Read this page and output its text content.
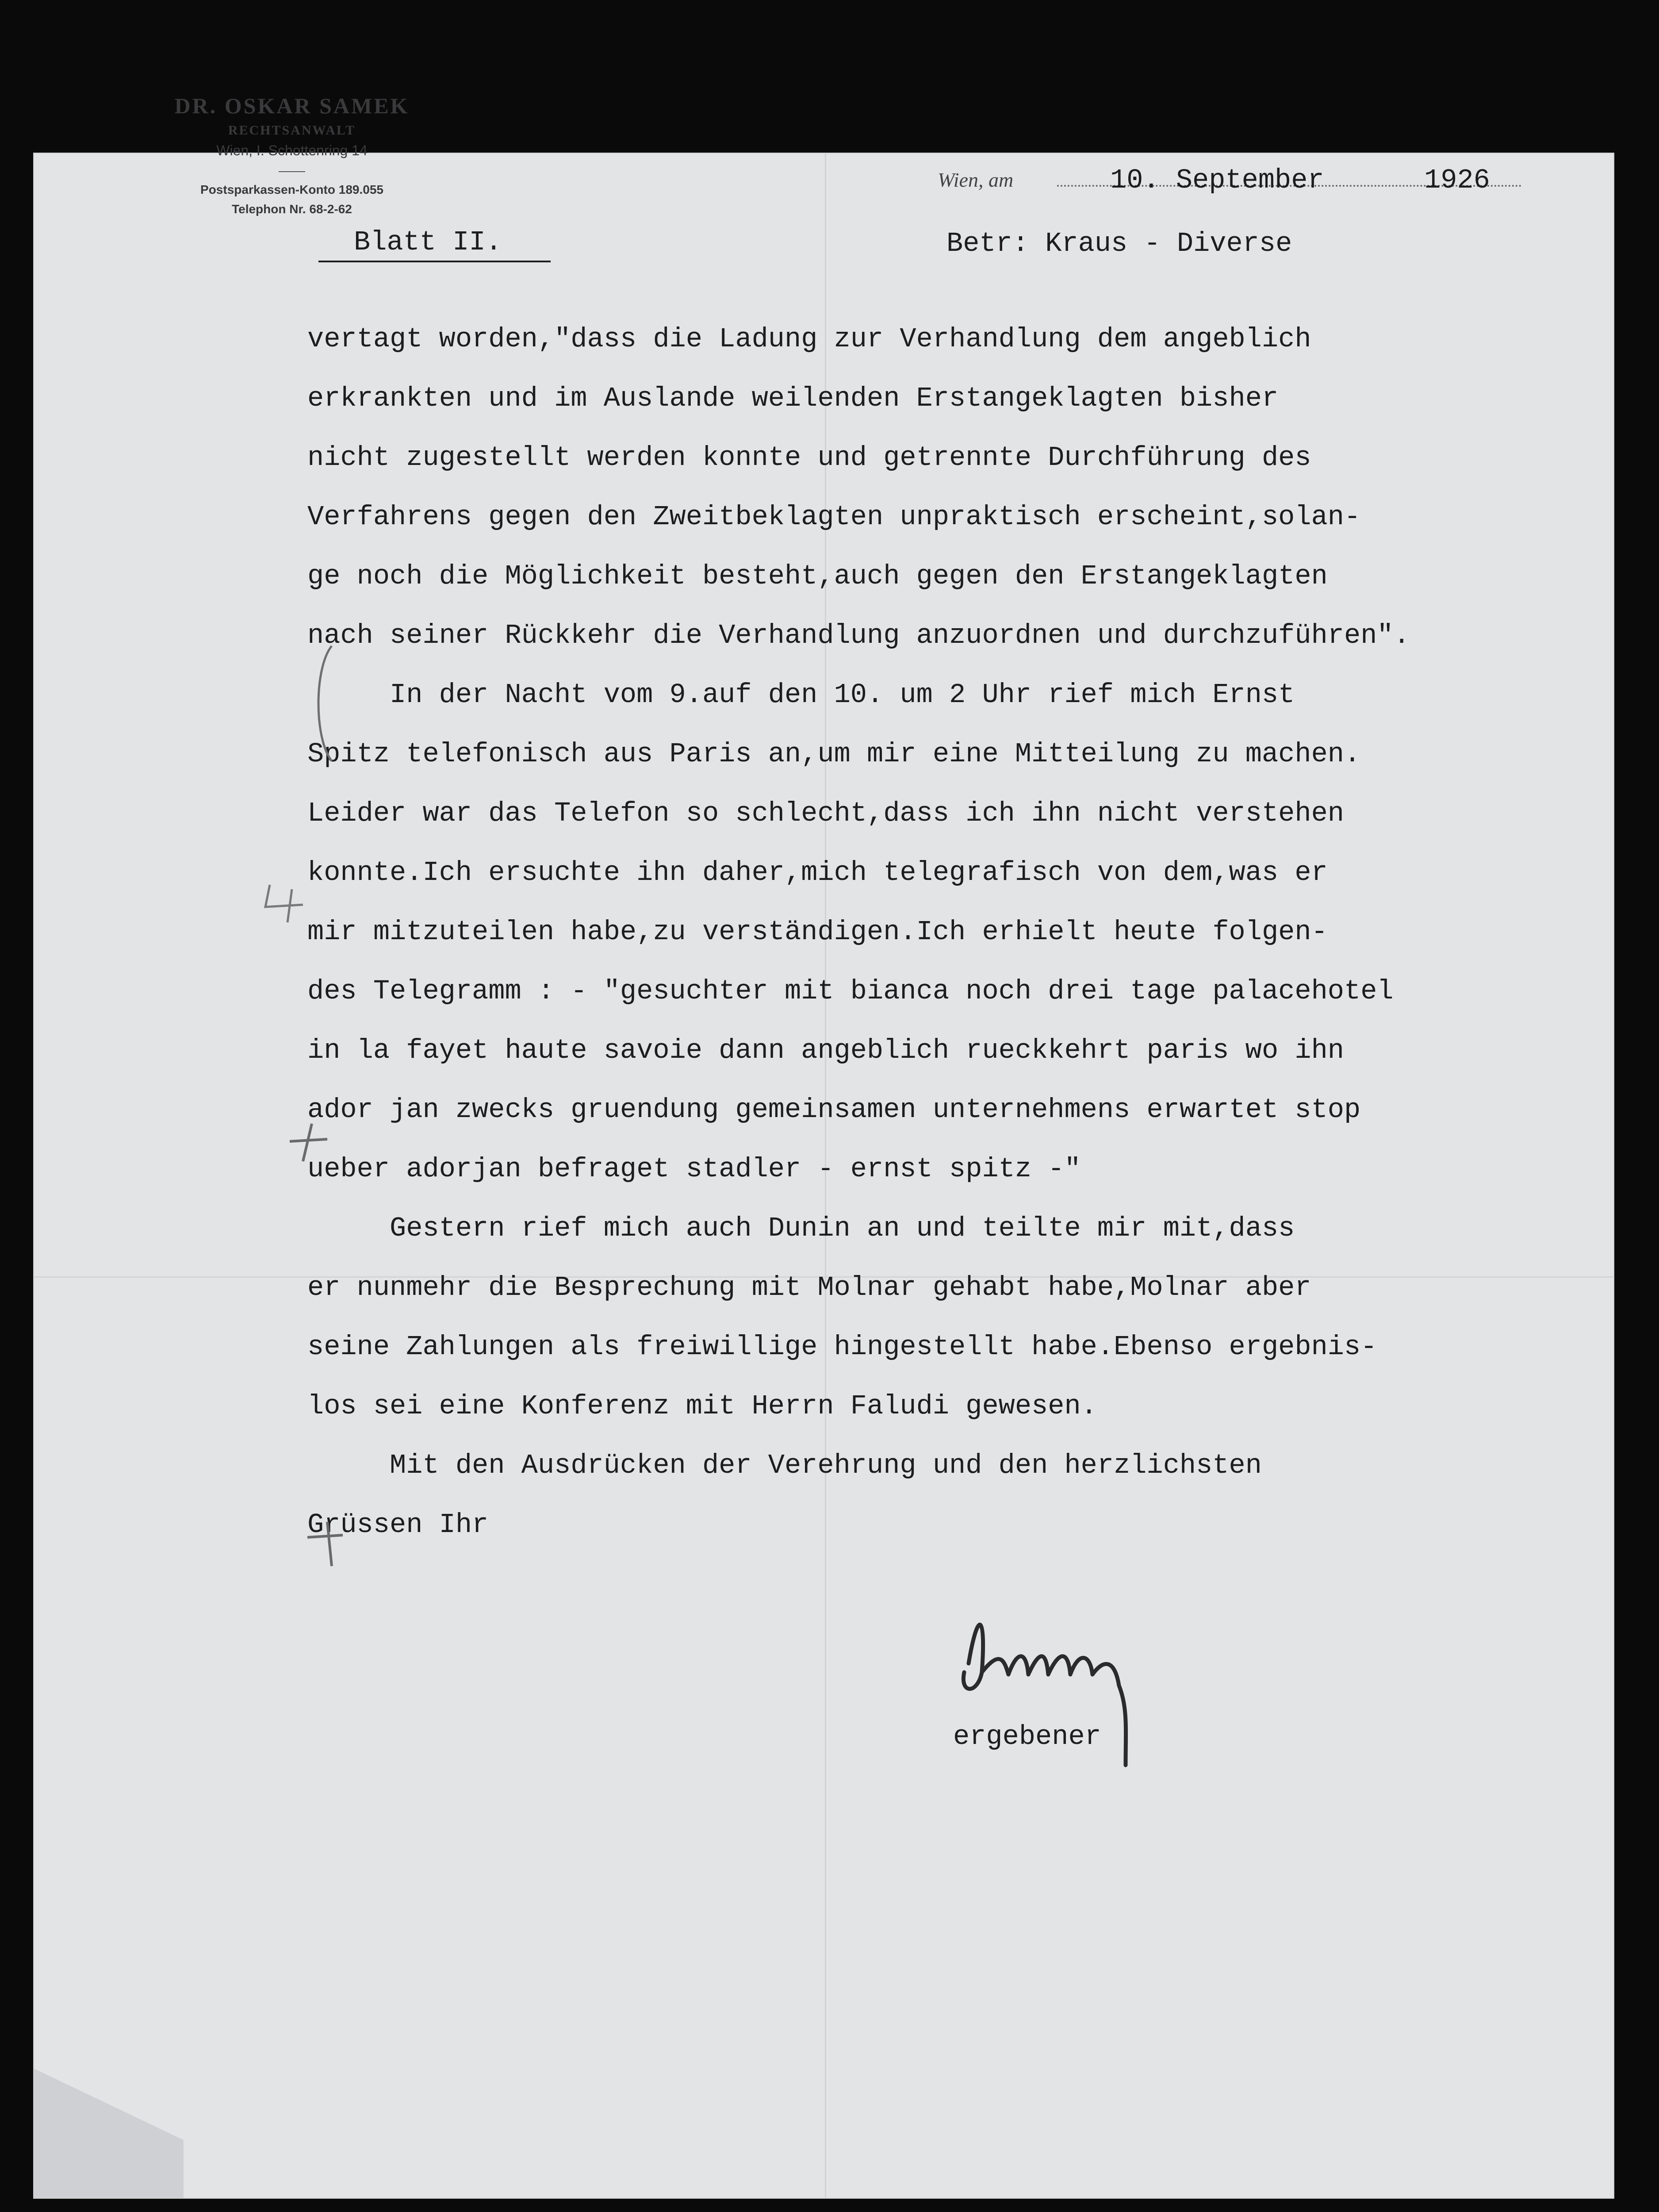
DR. OSKAR SAMEK
RECHTSANWALT
Wien, I. Schottenring 14
Postsparkassen-Konto 189.055
Telephon Nr. 68-2-62
Wien, am	10. September	1926
Blatt II.	Betr: Kraus - Diverse
vertagt worden,"dass die Ladung zur Verhandlung dem angeblich
erkrankten und im Auslande weilenden Erstangeklagten bisher
nicht zugestellt werden konnte und getrennte Durchführung des
Verfahrens gegen den Zweitbeklagten unpraktisch erscheint,solan-
ge noch die Möglichkeit besteht,auch gegen den Erstangeklagten
nach seiner Rückkehr die Verhandlung anzuordnen und durchzuführen".
In der Nacht vom 9.auf den 10. um 2 Uhr rief mich Ernst
Spitz telefonisch aus Paris an,um mir eine Mitteilung zu machen.
Leider war das Telefon so schlecht,dass ich ihn nicht verstehen
konnte.Ich ersuchte ihn daher,mich telegrafisch von dem,was er
mir mitzuteilen habe,zu verständigen.Ich erhielt heute folgen-
des Telegramm : - "gesuchter mit bianca noch drei tage palacehotel
in la fayet haute savoie dann angeblich rueckkehrt paris wo ihn
ador jan zwecks gruendung gemeinsamen unternehmens erwartet stop
ueber adorjan befraget stadler - ernst spitz -"
Gestern rief mich auch Dunin an und teilte mir mit,dass
er nunmehr die Besprechung mit Molnar gehabt habe,Molnar aber
seine Zahlungen als freiwillige hingestellt habe.Ebenso ergebnis-
los sei eine Konferenz mit Herrn Faludi gewesen.
Mit den Ausdrücken der Verehrung und den herzlichsten
Grüssen Ihr
ergebener
